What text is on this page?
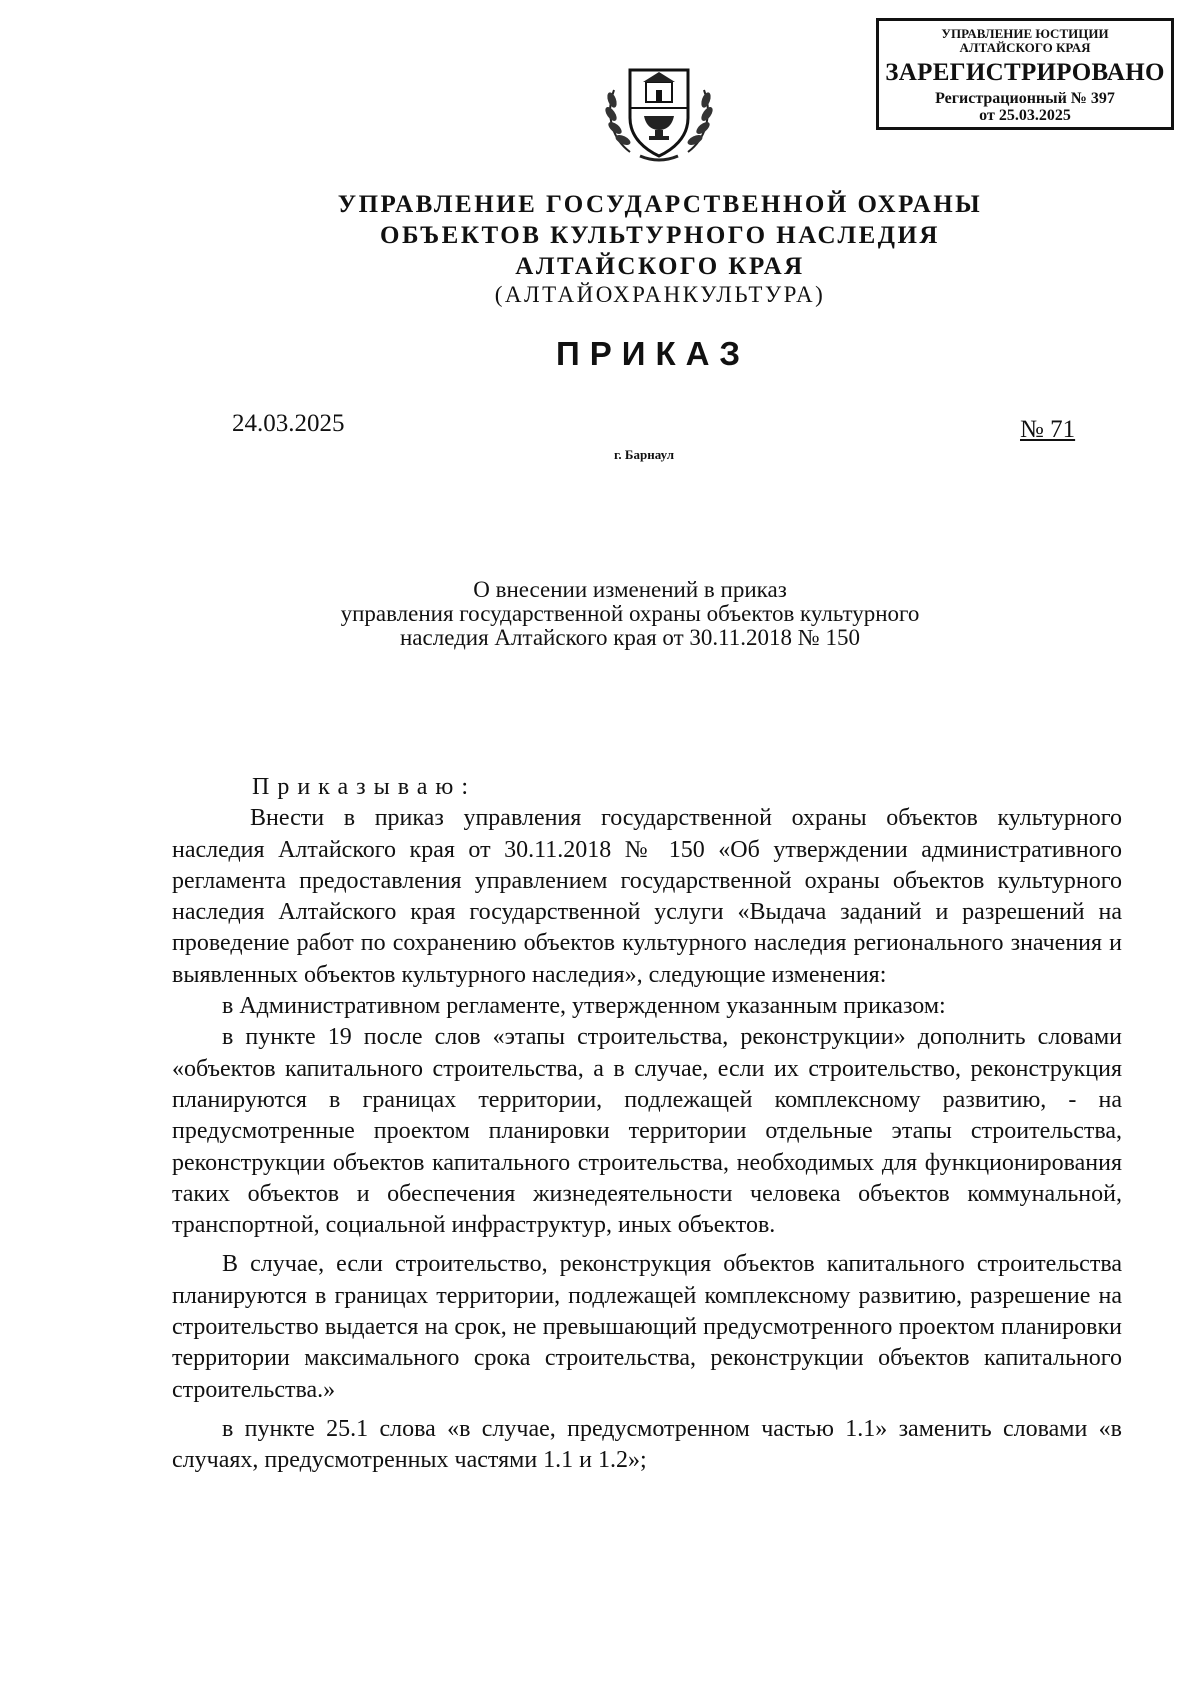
УПРАВЛЕНИЕ ЮСТИЦИИ
АЛТАЙСКОГО КРАЯ
ЗАРЕГИСТРИРОВАНО
Регистрационный № 397
от 25.03.2025
УПРАВЛЕНИЕ ГОСУДАРСТВЕННОЙ ОХРАНЫ
ОБЪЕКТОВ КУЛЬТУРНОГО НАСЛЕДИЯ
АЛТАЙСКОГО КРАЯ
(АЛТАЙОХРАНКУЛЬТУРА)
ПРИКАЗ
24.03.2025	№ 71
г. Барнаул
О внесении изменений в приказ
управления государственной охраны объектов культурного
наследия Алтайского края от 30.11.2018 № 150

Приказываю:

Внести в приказ управления государственной охраны объектов культурного наследия Алтайского края от 30.11.2018 № 150 «Об утверждении административного регламента предоставления управлением государственной охраны объектов культурного наследия Алтайского края государственной услуги «Выдача заданий и разрешений на проведение работ по сохранению объектов культурного наследия регионального значения и выявленных объектов культурного наследия», следующие изменения:

в Административном регламенте, утвержденном указанным приказом:

в пункте 19 после слов «этапы строительства, реконструкции» дополнить словами «объектов капитального строительства, а в случае, если их строительство, реконструкция планируются в границах территории, подлежащей комплексному развитию, - на предусмотренные проектом планировки территории отдельные этапы строительства, реконструкции объектов капитального строительства, необходимых для функционирования таких объектов и обеспечения жизнедеятельности человека объектов коммунальной, транспортной, социальной инфраструктур, иных объектов.

В случае, если строительство, реконструкция объектов капитального строительства планируются в границах территории, подлежащей комплексному развитию, разрешение на строительство выдается на срок, не превышающий предусмотренного проектом планировки территории максимального срока строительства, реконструкции объектов капитального строительства.»

в пункте 25.1 слова «в случае, предусмотренном частью 1.1» заменить словами «в случаях, предусмотренных частями 1.1 и 1.2»;
